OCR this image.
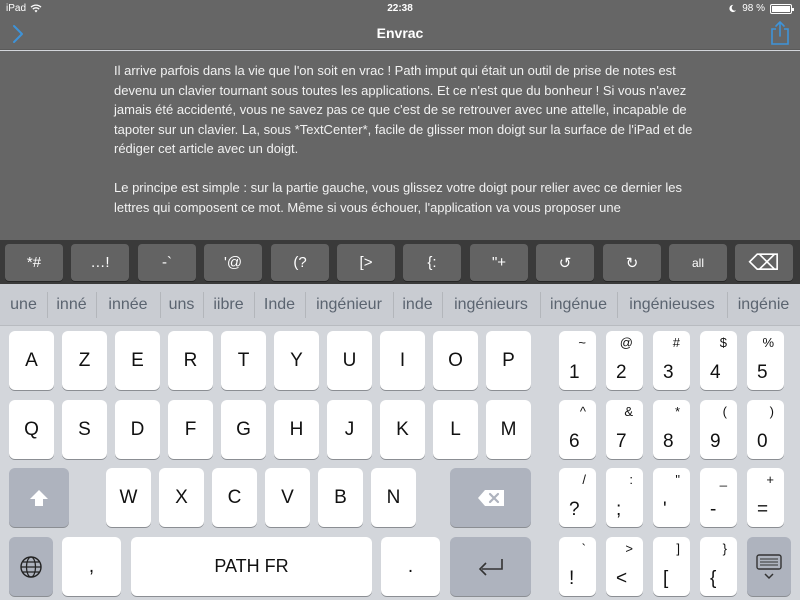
iPad	22:38	98 %
Envrac

Il arrive parfois dans la vie que l'on soit en vrac ! Path imput qui était un outil de prise de notes est devenu un clavier tournant sous toutes les applications. Et ce n'est que du bonheur ! Si vous n'avez jamais été accidenté, vous ne savez pas ce que c'est de se retrouver avec une attelle, incapable de tapoter sur un clavier. La, sous *TextCenter*, facile de glisser mon doigt sur la surface de l'iPad et de rédiger cet article avec un doigt.

Le principe est simple : sur la partie gauche, vous glissez votre doigt pour relier avec ce dernier les lettres qui composent ce mot. Même si vous échouer, l'application va vous proposer une

*#	…!	-`	'@	(?	[>	{:	"+	↺	↻	all	⌫
une	inné	innée	uns	iibre	Inde	ingénieur	inde	ingénieurs	ingénue	ingénieuses	ingénie
A	Z	E	R	T	Y	U	I	O	P
Q	S	D	F	G	H	J	K	L	M
W	X	C	V	B	N
,	PATH FR	.
~
1
@
2
#
3
$
4
%
5
^
6
&
7
*
8
(
9
)
0
/
?
:
;
"
'
_
-
+
=
`
!
>
<
]
[
}
{
